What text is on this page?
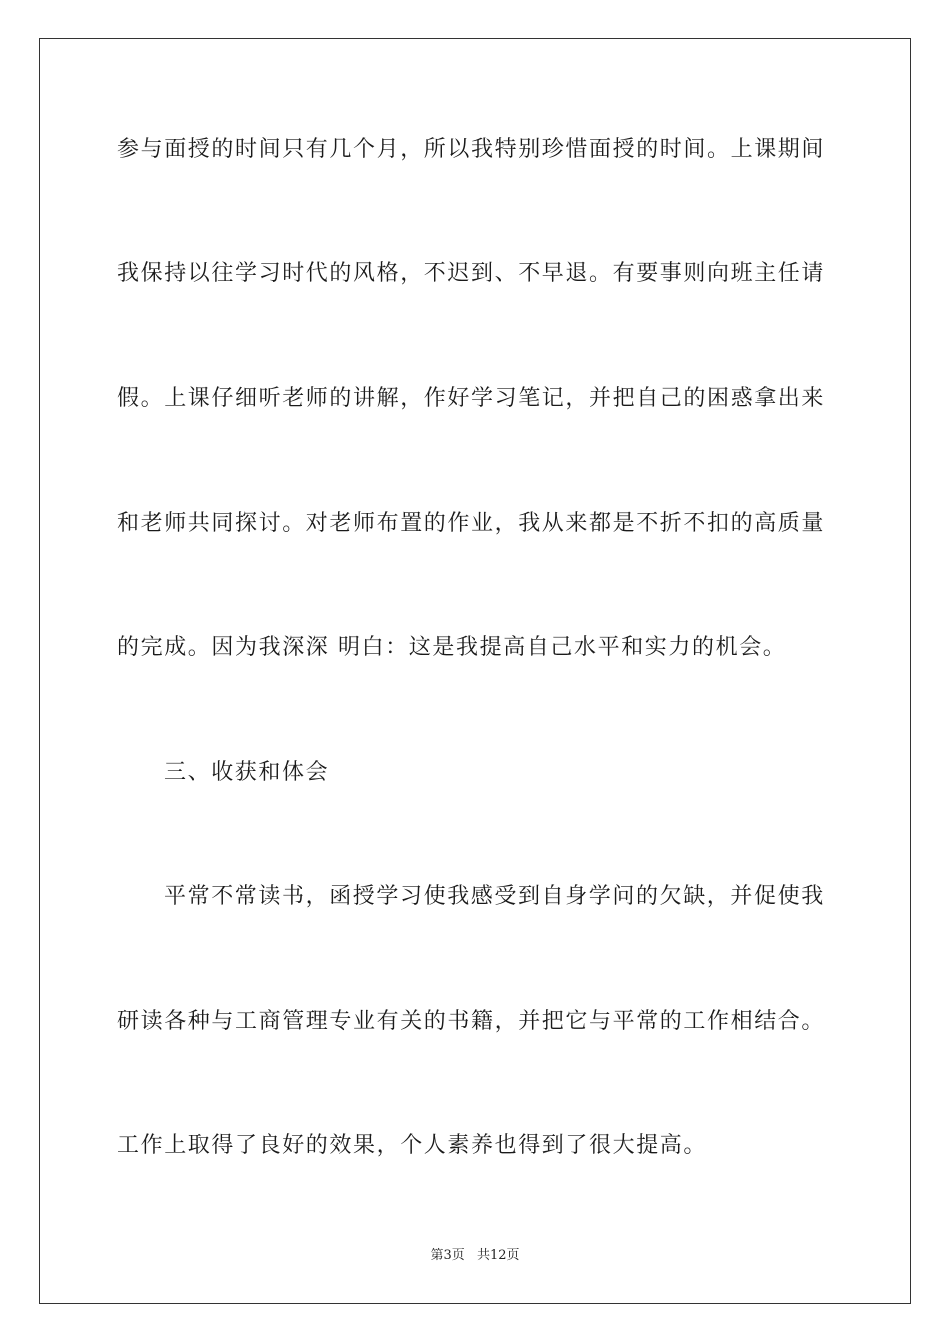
参与面授的时间只有几个月，所以我特别珍惜面授的时间。上课期间
我保持以往学习时代的风格，不迟到、不早退。有要事则向班主任请
假。上课仔细听老师的讲解，作好学习笔记，并把自己的困惑拿出来
和老师共同探讨。对老师布置的作业，我从来都是不折不扣的高质量
的完成。因为我深深 明白：这是我提高自己水平和实力的机会。
三、收获和体会
平常不常读书，函授学习使我感受到自身学问的欠缺，并促使我
研读各种与工商管理专业有关的书籍，并把它与平常的工作相结合。
工作上取得了良好的效果，个人素养也得到了很大提高。
第3页 共12页
